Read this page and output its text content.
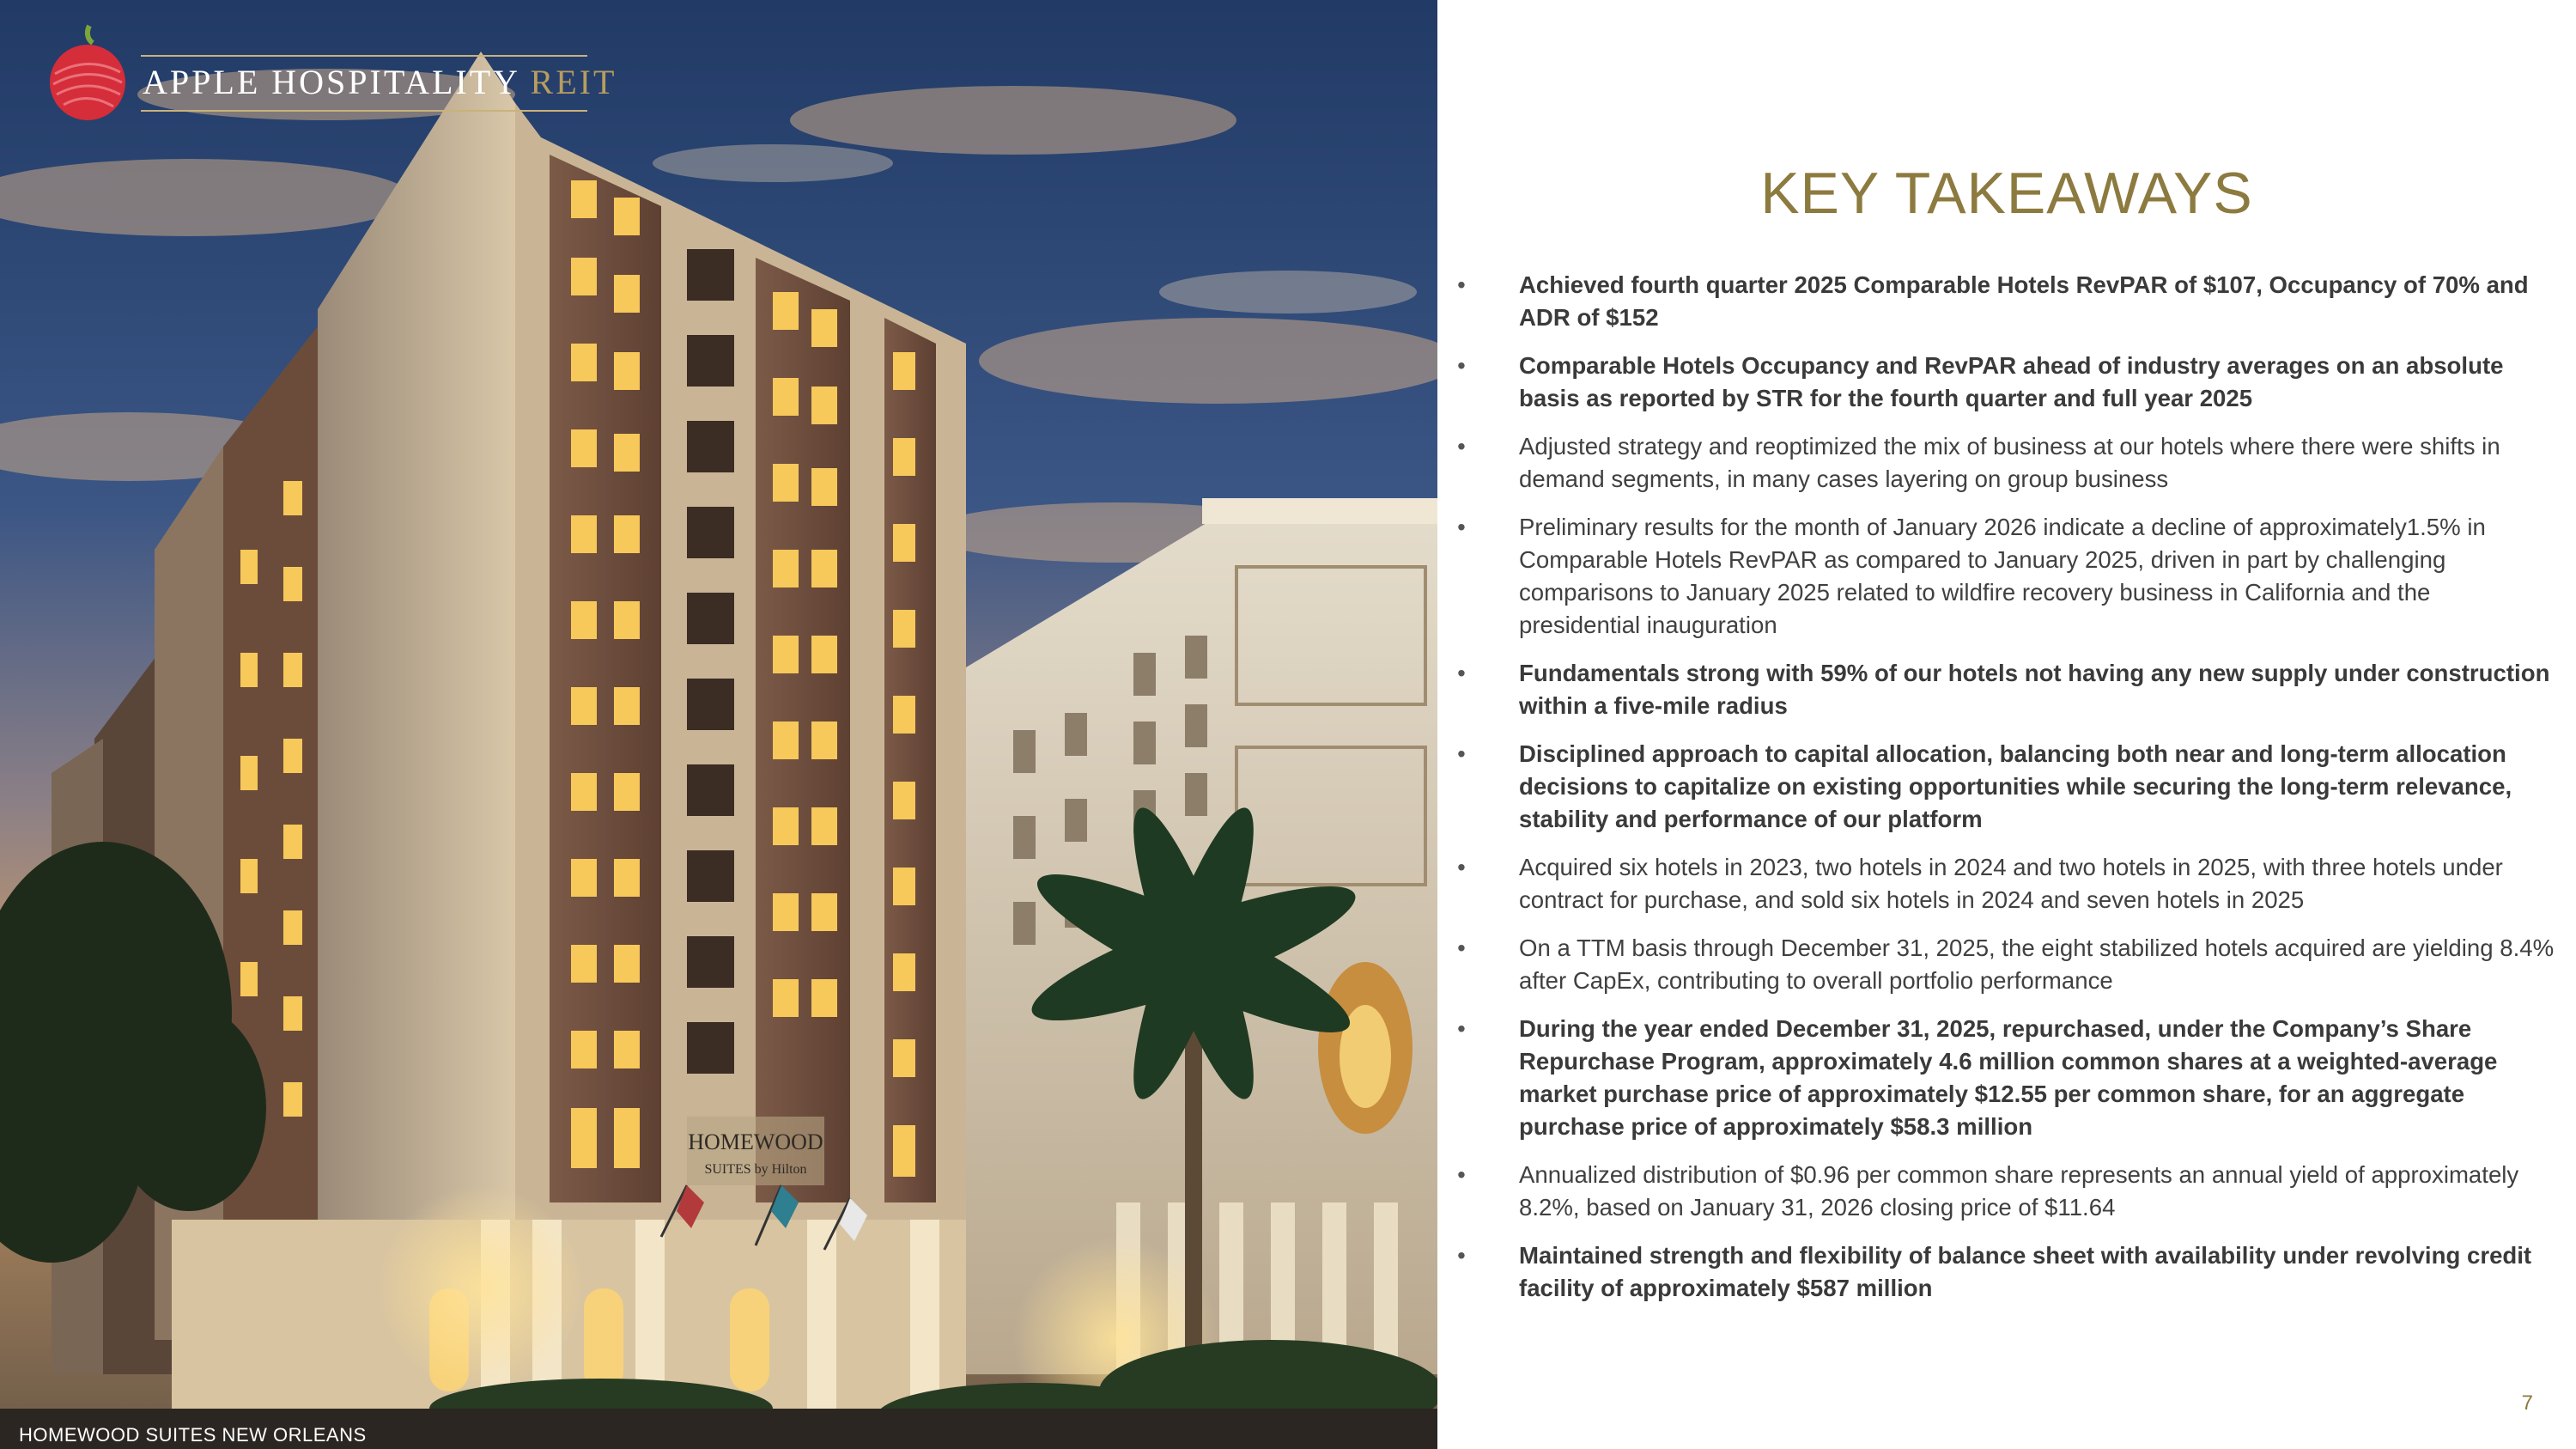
HOMEWOOD
SUITES by Hilton
APPLE HOSPITALITY REIT
HOMEWOOD SUITES NEW ORLEANS
KEY TAKEAWAYS
• Achieved fourth quarter 2025 Comparable Hotels RevPAR of $107, Occupancy of 70% and ADR of $152
• Comparable Hotels Occupancy and RevPAR ahead of industry averages on an absolute basis as reported by STR for the fourth quarter and full year 2025
• Adjusted strategy and reoptimized the mix of business at our hotels where there were shifts in demand segments, in many cases layering on group business
• Preliminary results for the month of January 2026 indicate a decline of approximately1.5% in Comparable Hotels RevPAR as compared to January 2025, driven in part by challenging comparisons to January 2025 related to wildfire recovery business in California and the presidential inauguration
• Fundamentals strong with 59% of our hotels not having any new supply under construction within a five-mile radius
• Disciplined approach to capital allocation, balancing both near and long-term allocation decisions to capitalize on existing opportunities while securing the long-term relevance, stability and performance of our platform
• Acquired six hotels in 2023, two hotels in 2024 and two hotels in 2025, with three hotels under contract for purchase, and sold six hotels in 2024 and seven hotels in 2025
• On a TTM basis through December 31, 2025, the eight stabilized hotels acquired are yielding 8.4% after CapEx, contributing to overall portfolio performance
• During the year ended December 31, 2025, repurchased, under the Company’s Share Repurchase Program, approximately 4.6 million common shares at a weighted-average market purchase price of approximately $12.55 per common share, for an aggregate purchase price of approximately $58.3 million
• Annualized distribution of $0.96 per common share represents an annual yield of approximately 8.2%, based on January 31, 2026 closing price of $11.64
• Maintained strength and flexibility of balance sheet with availability under revolving credit facility of approximately $587 million
7
